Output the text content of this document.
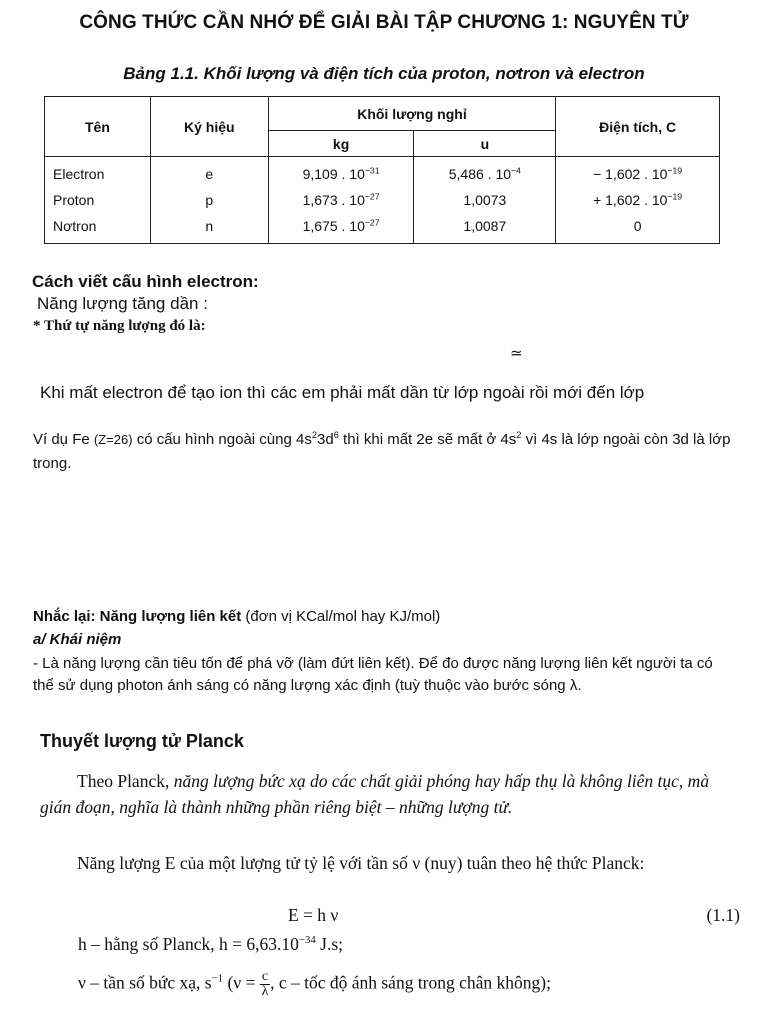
CÔNG THỨC CẦN NHỚ ĐỂ GIẢI BÀI TẬP CHƯƠNG 1: NGUYÊN TỬ
Bảng 1.1. Khối lượng và điện tích của proton, nơtron và electron
Tên	Ký hiệu	Khối lượng nghỉ		Điện tích, C
		kg	u	
Electron	e	9,109 . $10^{-31}$	5,486 . $10^{-4}$	− 1,602 . $10^{-19}$
Proton	p	1,673 . $10^{-27}$	1,0073	+ 1,602 . $10^{-19}$
Nơtron	n	1,675 . $10^{-27}$	1,0087	0
Cách viết cấu hình electron:
Năng lượng tăng dần :
* Thứ tự năng lượng đó là:
≃
Khi mất electron để tạo ion thì các em phải mất dần từ lớp ngoài rồi mới đến lớp
Ví dụ Fe (Z=26) có cấu hình ngoài cùng $4s^23d^6$ thì khi mất 2e sẽ mất ở $4s^2$ vì 4s là lớp ngoài còn 3d là lớp trong.
Nhắc lại: Năng lượng liên kết (đơn vị KCal/mol hay KJ/mol)
a/ Khái niệm
- Là năng lượng cần tiêu tốn để phá vỡ (làm đứt liên kết). Để đo được năng lượng liên kết người ta có thể sử dụng photon ánh sáng có năng lượng xác định (tuỳ thuộc vào bước sóng λ.
Thuyết lượng tử Planck
Theo Planck, năng lượng bức xạ do các chất giải phóng hay hấp thụ là không liên tục, mà gián đoạn, nghĩa là thành những phần riêng biệt – những lượng tử.
Năng lượng E của một lượng tử tỷ lệ với tần số ν (nuy) tuân theo hệ thức Planck:
E = h ν	(1.1)
h – hằng số Planck, $h = 6,63.10^{-34}$ J.s;
ν – tần số bức xạ, $s^{-1}$ ($\nu = \frac{c}{\lambda}$ , c – tốc độ ánh sáng trong chân không);
